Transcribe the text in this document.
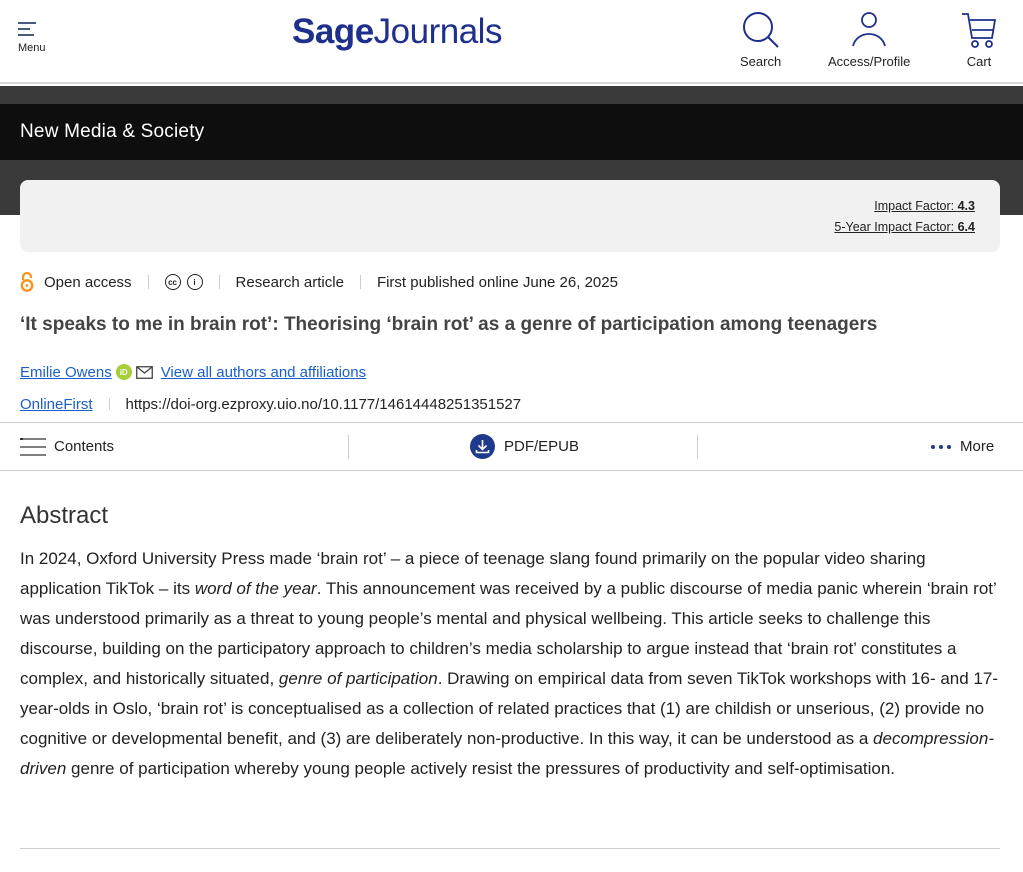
Menu	SageJournals
Search	Access/Profile	Cart
New Media & Society
Impact Factor: 4.3
5-Year Impact Factor: 6.4
Open access	cc	i	Research article First published online June 26, 2025
‘It speaks to me in brain rot’: Theorising ‘brain rot’ as a genre of participation among teenagers
Emilie Owens	iD View all authors and affiliations
OnlineFirst https://doi-org.ezproxy.uio.no/10.1177/14614448251351527
Contents	PDF/EPUB	More
Abstract

In 2024, Oxford University Press made ‘brain rot’ – a piece of teenage slang found primarily on the popular video sharing application TikTok – its word of the year. This announcement was received by a public discourse of media panic wherein ‘brain rot’ was understood primarily as a threat to young people’s mental and physical wellbeing. This article seeks to challenge this discourse, building on the participatory approach to children’s media scholarship to argue instead that ‘brain rot’ constitutes a complex, and historically situated, genre of participation. Drawing on empirical data from seven TikTok workshops with 16- and 17-year-olds in Oslo, ‘brain rot’ is conceptualised as a collection of related practices that (1) are childish or unserious, (2) provide no cognitive or developmental benefit, and (3) are deliberately non-productive. In this way, it can be understood as a decompression-driven genre of participation whereby young people actively resist the pressures of productivity and self-optimisation.
